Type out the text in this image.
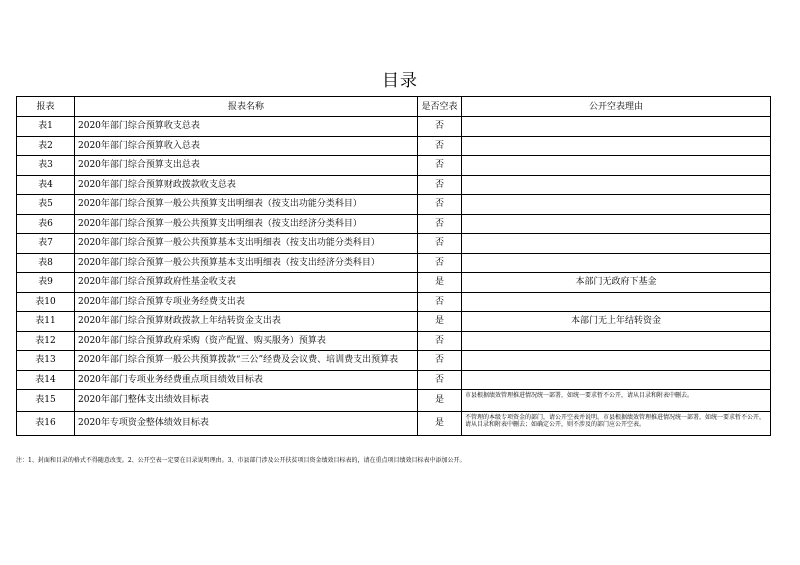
目录
报表	报表名称	是否空表	公开空表理由
表1	2020年部门综合预算收支总表	否	
表2	2020年部门综合预算收入总表	否	
表3	2020年部门综合预算支出总表	否	
表4	2020年部门综合预算财政拨款收支总表	否	
表5	2020年部门综合预算一般公共预算支出明细表（按支出功能分类科目）	否	
表6	2020年部门综合预算一般公共预算支出明细表（按支出经济分类科目）	否	
表7	2020年部门综合预算一般公共预算基本支出明细表（按支出功能分类科目）	否	
表8	2020年部门综合预算一般公共预算基本支出明细表（按支出经济分类科目）	否	
表9	2020年部门综合预算政府性基金收支表	是	本部门无政府下基金
表10	2020年部门综合预算专项业务经费支出表	否	
表11	2020年部门综合预算财政拨款上年结转资金支出表	是	本部门无上年结转资金
表12	2020年部门综合预算政府采购（资产配置、购买服务）预算表	否	
表13	2020年部门综合预算一般公共预算拨款“三公”经费及会议费、培训费支出预算表	否	
表14	2020年部门专项业务经费重点项目绩效目标表	否	
表15	2020年部门整体支出绩效目标表	是	市县根据绩效管理推进情况统一部署，如统一要求暂不公开，请从目录和附表中删去。
表16	2020年专项资金整体绩效目标表	是	不管理的本级专项资金的部门，请公开空表并说明。市县根据绩效管理推进情况统一部署，如统一要求暂不公开，请从目录和附表中删去；如确定公开，则不涉及的部门应公开空表。
注：1、封面和目录的格式不得随意改变。2、公开空表一定要在目录说明理由。3、市县部门涉及公开扶贫项目资金绩效目标表的，请在重点项目绩效目标表中添加公开。
